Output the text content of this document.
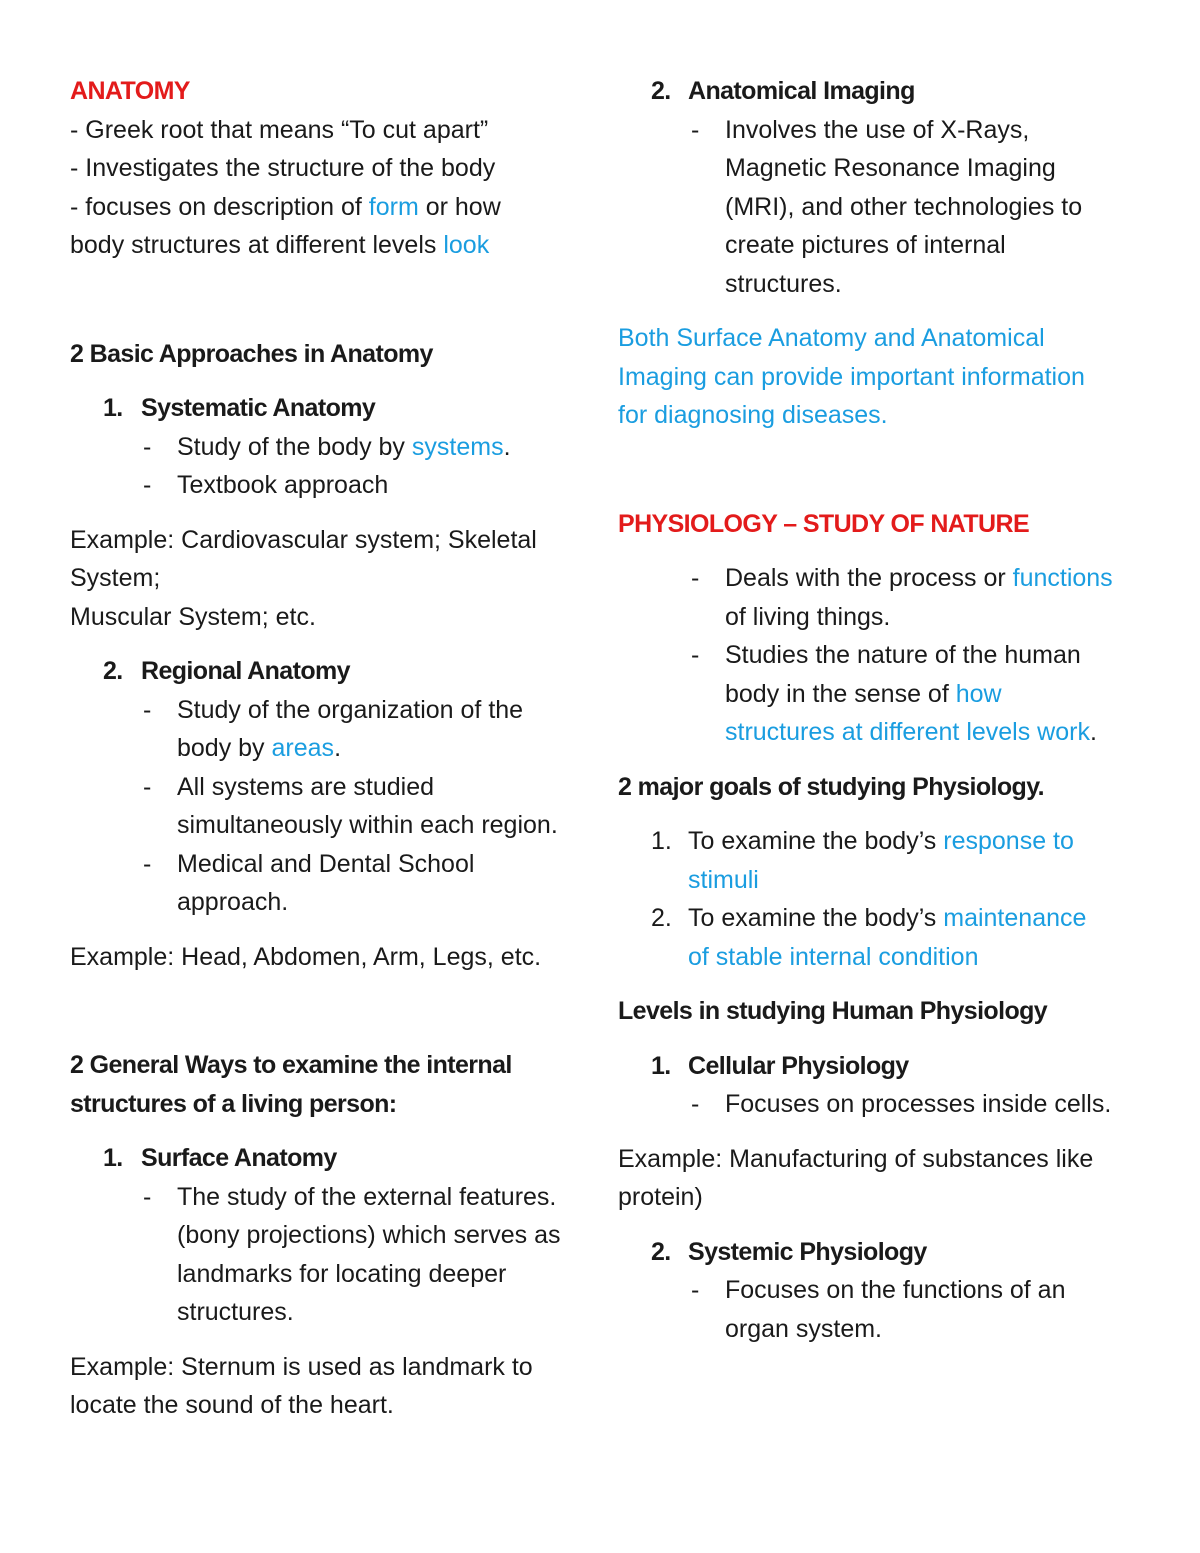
ANATOMY
- Greek root that means “To cut apart”
- Investigates the structure of the body
- focuses on description of form or how
body structures at different levels look
2 Basic Approaches in Anatomy
1. Systematic Anatomy
- Study of the body by systems.
- Textbook approach
Example: Cardiovascular system; Skeletal
System;
Muscular System; etc.
2. Regional Anatomy
- Study of the organization of the
body by areas.
- All systems are studied
simultaneously within each region.
- Medical and Dental School
approach.
Example: Head, Abdomen, Arm, Legs, etc.
2 General Ways to examine the internal
structures of a living person:
1. Surface Anatomy
- The study of the external features.
(bony projections) which serves as
landmarks for locating deeper
structures.
Example: Sternum is used as landmark to
locate the sound of the heart.
2. Anatomical Imaging
- Involves the use of X-Rays,
Magnetic Resonance Imaging
(MRI), and other technologies to
create pictures of internal
structures.
Both Surface Anatomy and Anatomical
Imaging can provide important information
for diagnosing diseases.
PHYSIOLOGY – STUDY OF NATURE
- Deals with the process or functions
of living things.
- Studies the nature of the human
body in the sense of how
structures at different levels work.
2 major goals of studying Physiology.
1. To examine the body’s response to
stimuli
2. To examine the body’s maintenance
of stable internal condition
Levels in studying Human Physiology
1. Cellular Physiology
- Focuses on processes inside cells.
Example: Manufacturing of substances like
protein)
2. Systemic Physiology
- Focuses on the functions of an
organ system.
